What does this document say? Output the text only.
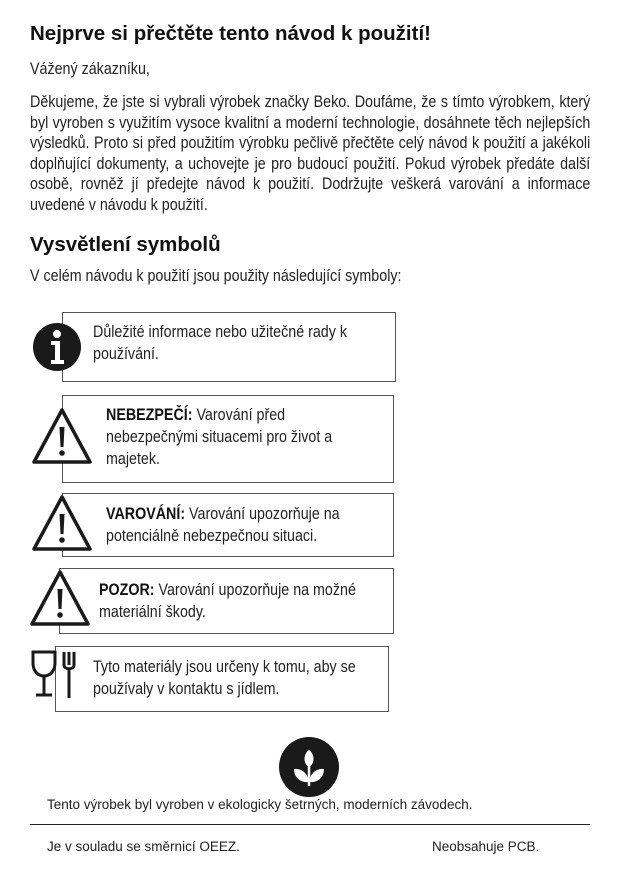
Nejprve si přečtěte tento návod k použití!
Vážený zákazníku,
Děkujeme, že jste si vybrali výrobek značky Beko. Doufáme, že s tímto výrobkem, který byl vyroben s využitím vysoce kvalitní a moderní technologie, dosáhnete těch nejlepších výsledků. Proto si před použitím výrobku pečlivě přečtěte celý návod k použití a jakékoli doplňující dokumenty, a uchovejte je pro budoucí použití. Pokud výrobek předáte další osobě, rovněž jí předejte návod k použití. Dodržujte veškerá varování a informace uvedené v návodu k použití.
Vysvětlení symbolů
V celém návodu k použití jsou použity následující symboly:
Důležité informace nebo užitečné rady k používání.
NEBEZPEČÍ: Varování před nebezpečnými situacemi pro život a majetek.
VAROVÁNÍ: Varování upozorňuje na potenciálně nebezpečnou situaci.
POZOR: Varování upozorňuje na možné materiální škody.
Tyto materiály jsou určeny k tomu, aby se používaly v kontaktu s jídlem.
Tento výrobek byl vyroben v ekologicky šetrných, moderních závodech.
Je v souladu se směrnicí OEEZ.	Neobsahuje PCB.
